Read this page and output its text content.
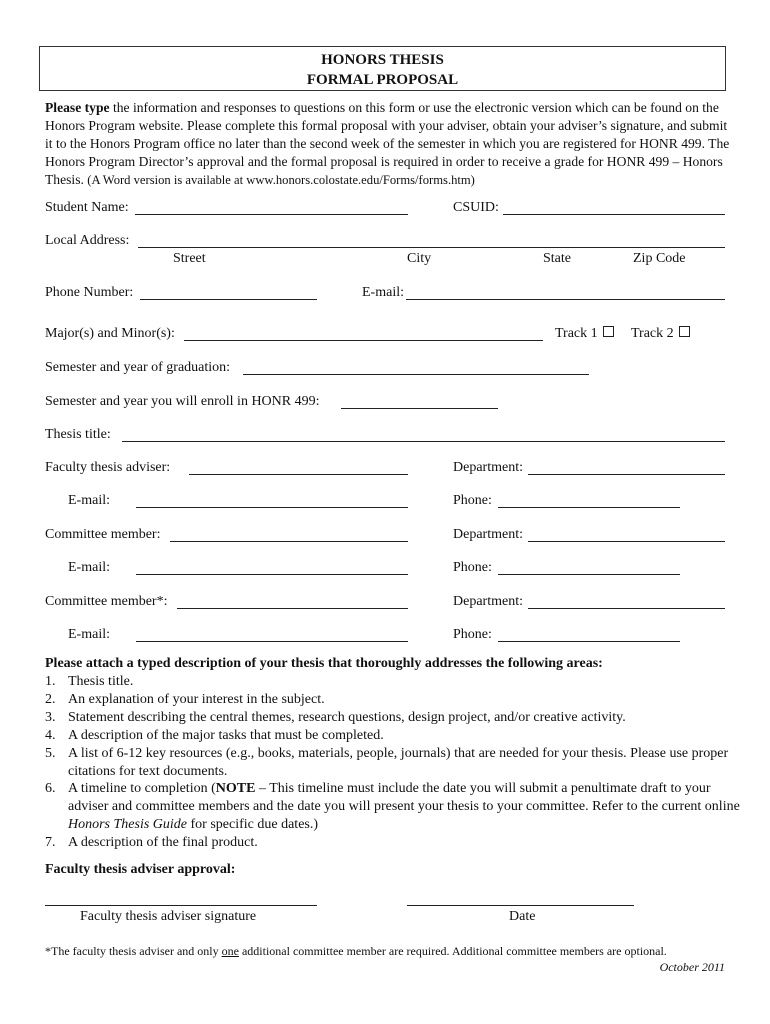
HONORS THESIS
FORMAL PROPOSAL
Please type the information and responses to questions on this form or use the electronic version which can be found on the Honors Program website. Please complete this formal proposal with your adviser, obtain your adviser’s signature, and submit it to the Honors Program office no later than the second week of the semester in which you are registered for HONR 499. The Honors Program Director’s approval and the formal proposal is required in order to receive a grade for HONR 499 – Honors Thesis. (A Word version is available at www.honors.colostate.edu/Forms/forms.htm)
Student Name:	CSUID:
Local Address:
Street	City	State	Zip Code
Phone Number:	E-mail:
Major(s) and Minor(s):	Track 1	Track 2
Semester and year of graduation:
Semester and year you will enroll in HONR 499:
Thesis title:
Faculty thesis adviser:	Department:
E-mail:	Phone:
Committee member:	Department:
E-mail:	Phone:
Committee member*:	Department:
E-mail:	Phone:
Please attach a typed description of your thesis that thoroughly addresses the following areas:
1. Thesis title.
2. An explanation of your interest in the subject.
3. Statement describing the central themes, research questions, design project, and/or creative activity.
4. A description of the major tasks that must be completed.
5. A list of 6-12 key resources (e.g., books, materials, people, journals) that are needed for your thesis. Please use proper citations for text documents.
6. A timeline to completion (NOTE – This timeline must include the date you will submit a penultimate draft to your adviser and committee members and the date you will present your thesis to your committee. Refer to the current online Honors Thesis Guide for specific due dates.)
7. A description of the final product.
Faculty thesis adviser approval:
Faculty thesis adviser signature	Date
*The faculty thesis adviser and only one additional committee member are required. Additional committee members are optional.
October 2011
